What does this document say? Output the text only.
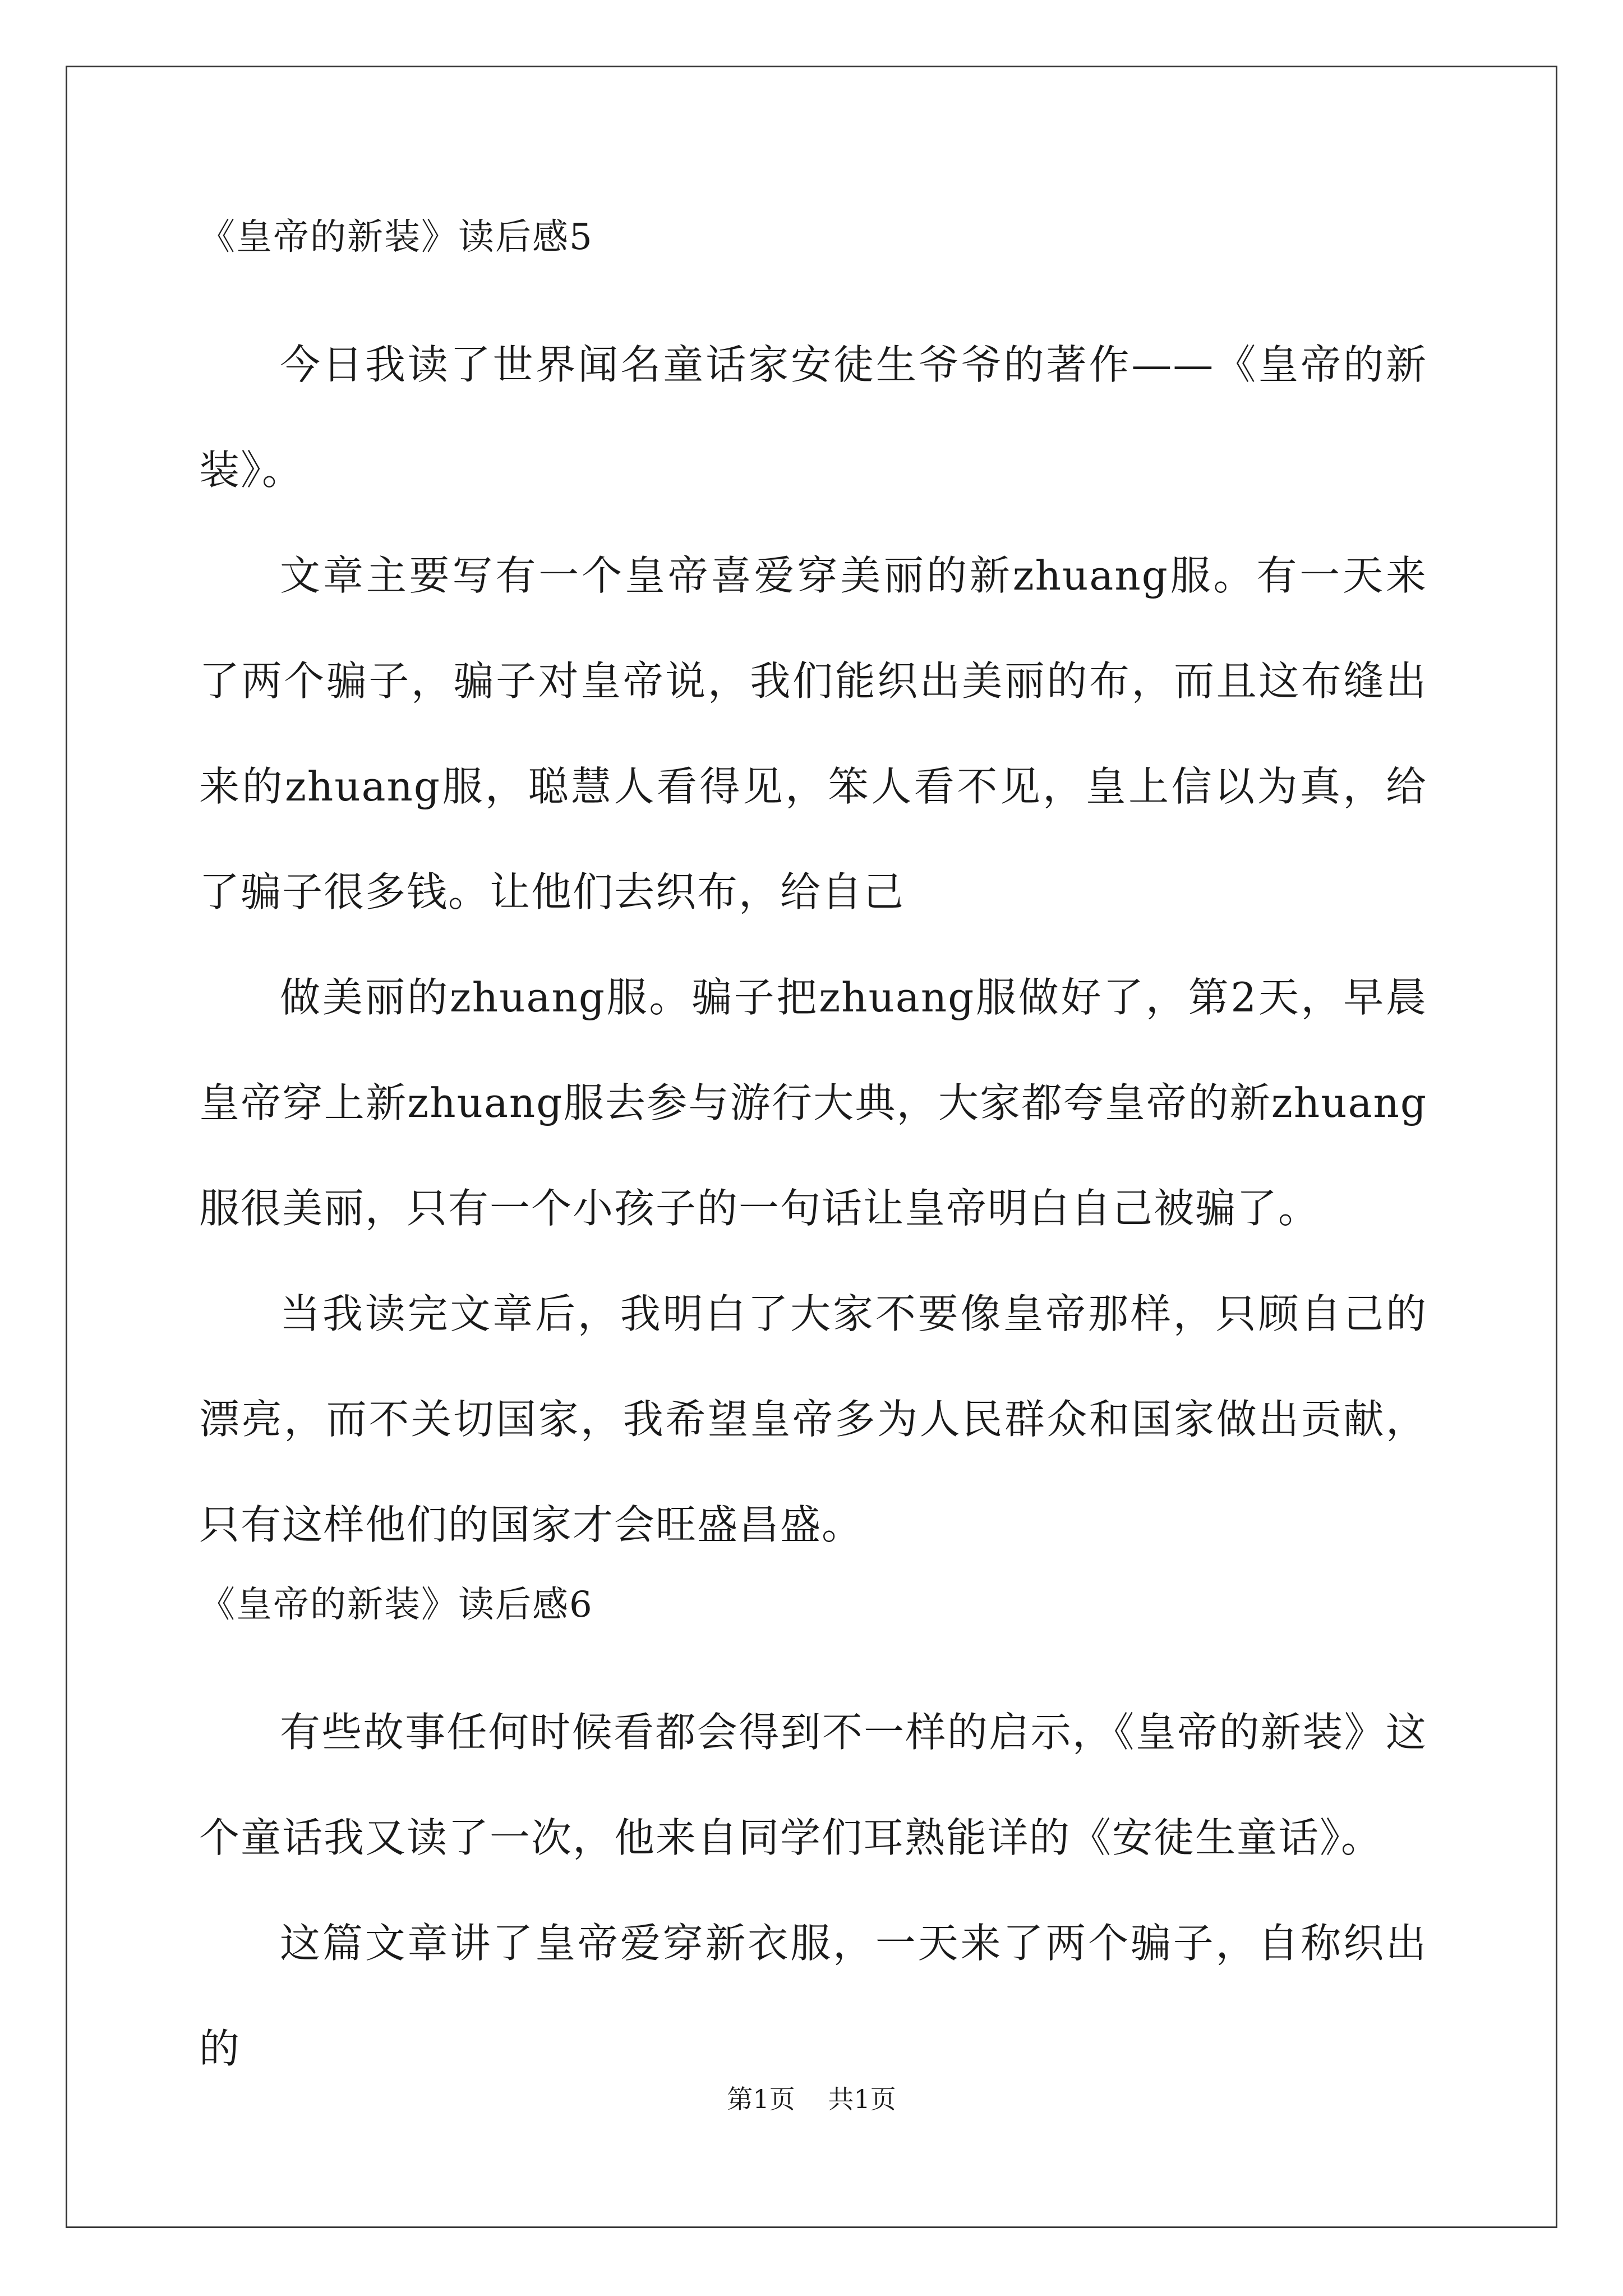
《皇帝的新装》读后感5

今日我读了世界闻名童话家安徒生爷爷的著作——《皇帝的新装》。

文章主要写有一个皇帝喜爱穿美丽的新zhuang服。有一天来了两个骗子，骗子对皇帝说，我们能织出美丽的布，而且这布缝出来的zhuang服，聪慧人看得见，笨人看不见，皇上信以为真，给了骗子很多钱。让他们去织布，给自己

做美丽的zhuang服。骗子把zhuang服做好了，第2天，早晨皇帝穿上新zhuang服去参与游行大典，大家都夸皇帝的新zhuang服很美丽，只有一个小孩子的一句话让皇帝明白自己被骗了。

当我读完文章后，我明白了大家不要像皇帝那样，只顾自己的漂亮，而不关切国家，我希望皇帝多为人民群众和国家做出贡献，只有这样他们的国家才会旺盛昌盛。

《皇帝的新装》读后感6

有些故事任何时候看都会得到不一样的启示，《皇帝的新装》这个童话我又读了一次，他来自同学们耳熟能详的《安徒生童话》。

这篇文章讲了皇帝爱穿新衣服，一天来了两个骗子，自称织出的

第1页 共1页
